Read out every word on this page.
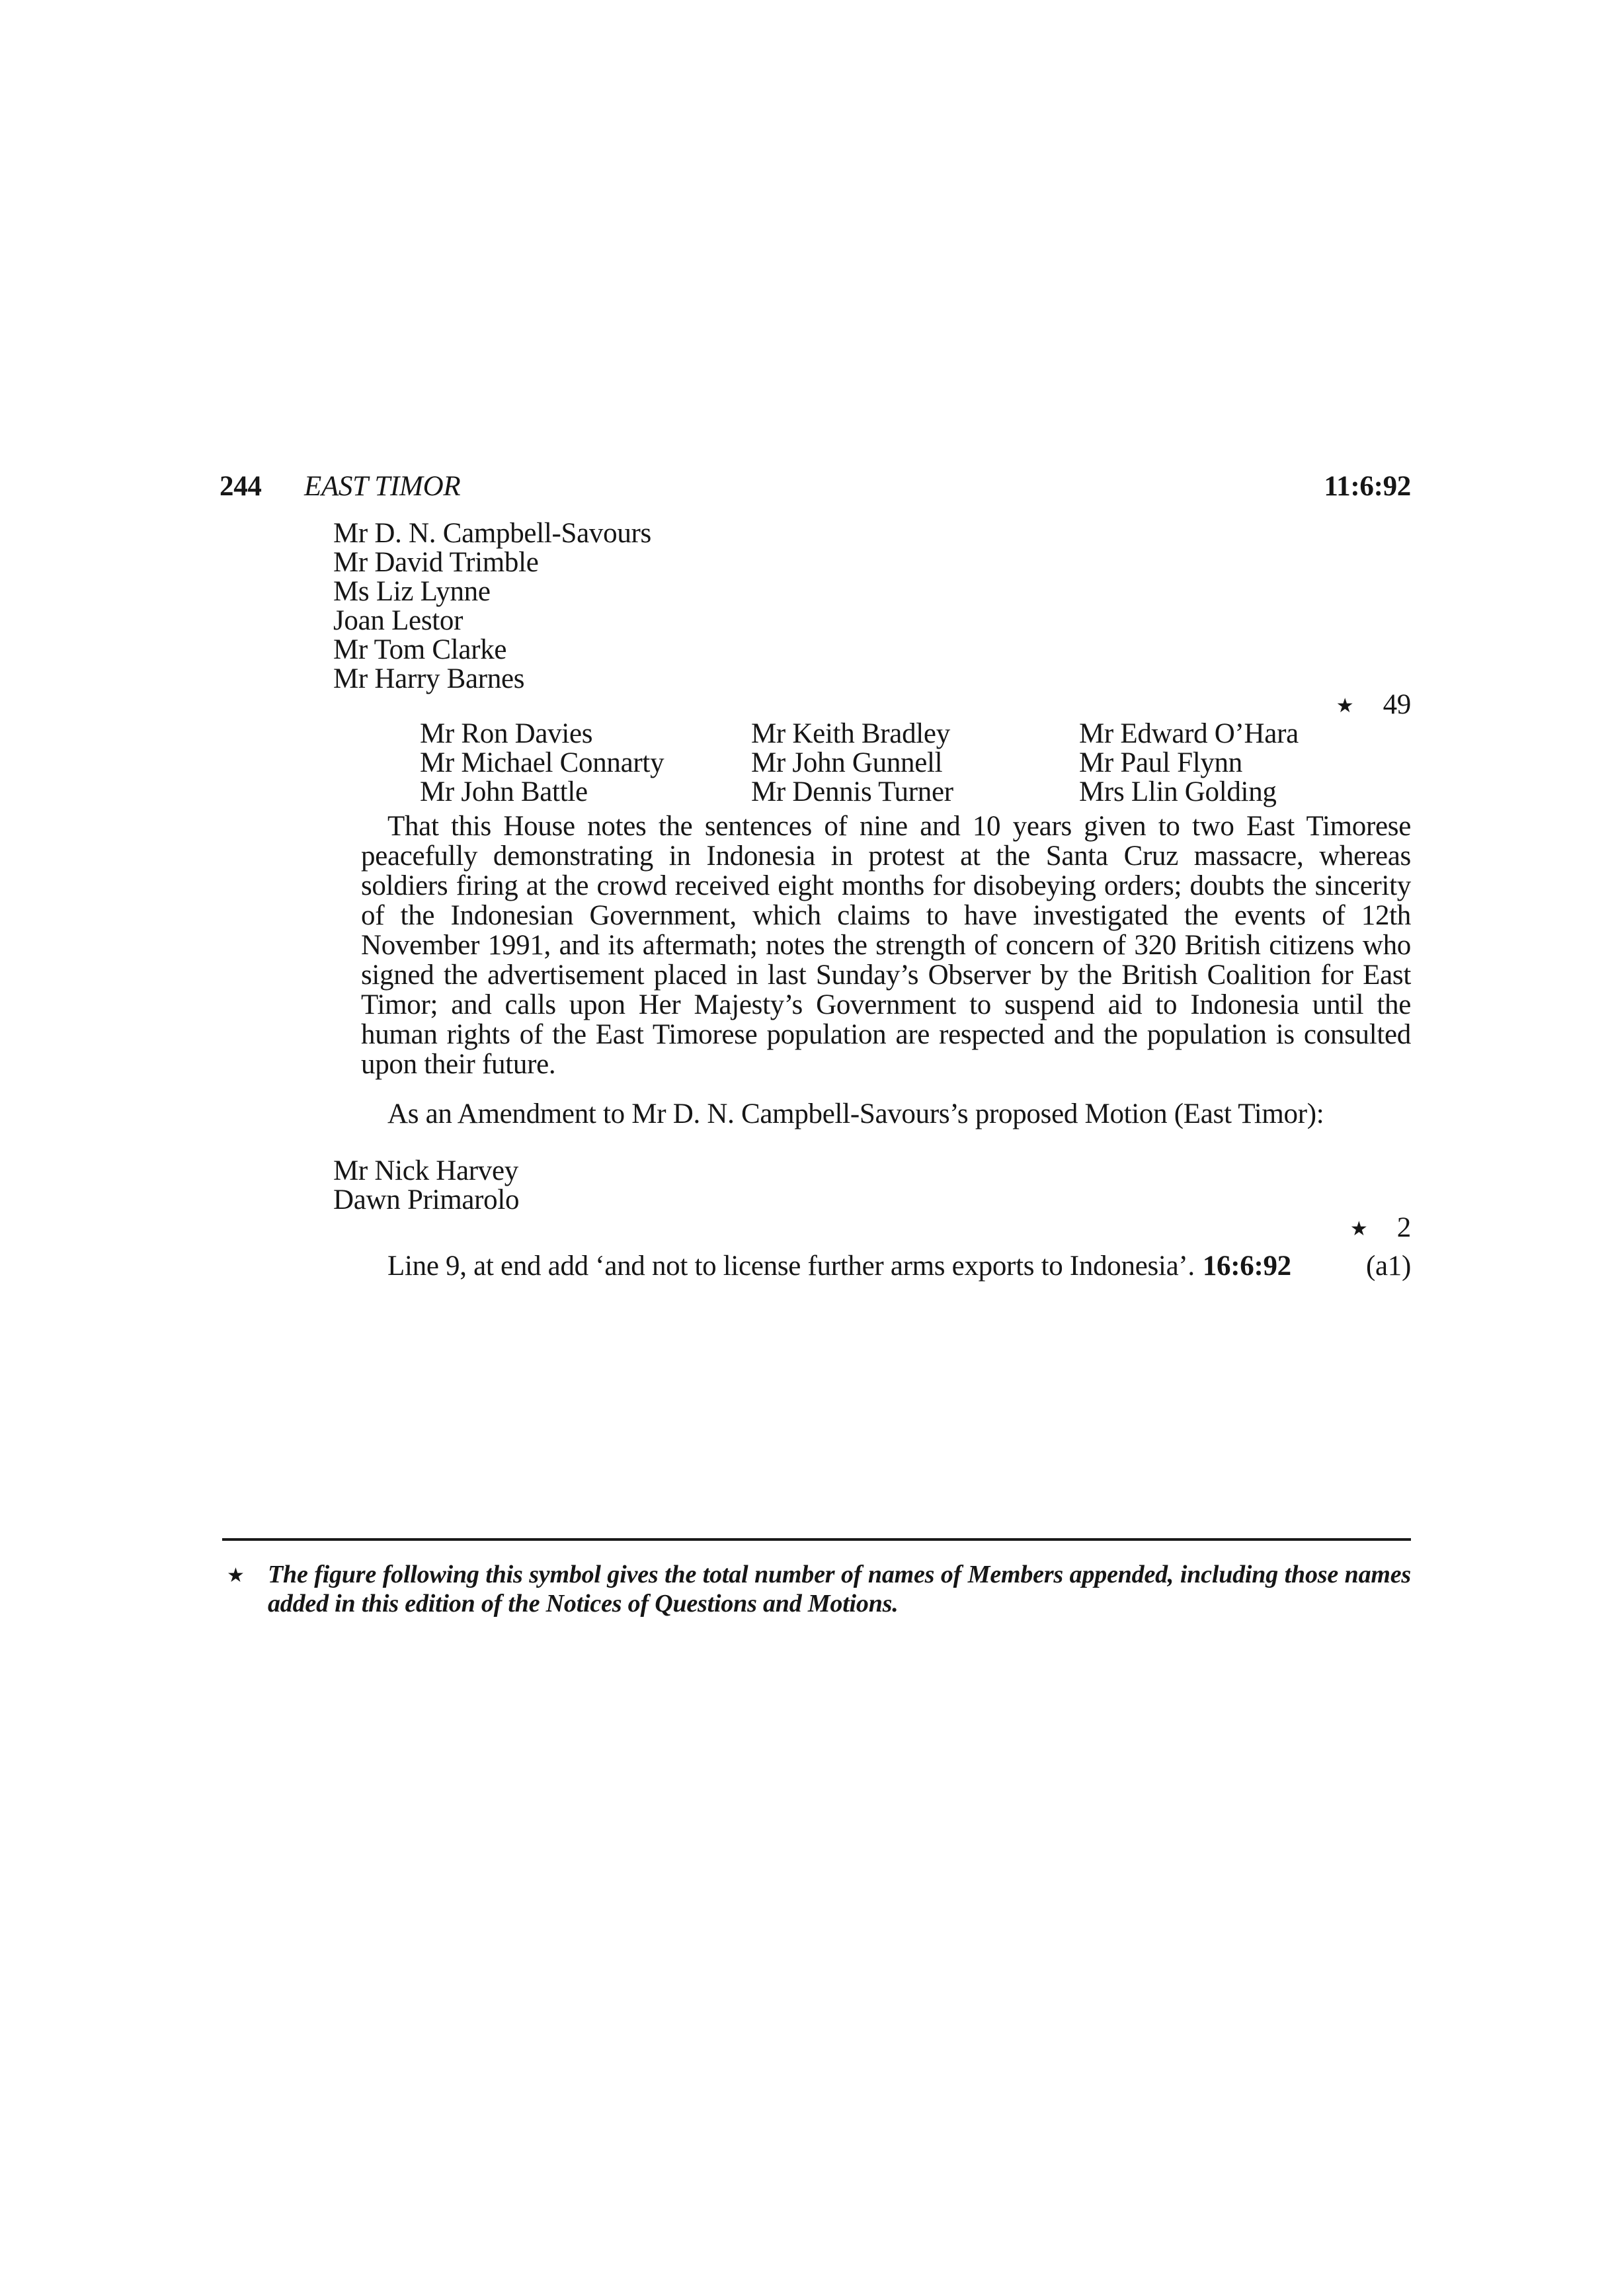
244 EAST TIMOR	11:6:92
Mr D. N. Campbell-Savours
Mr David Trimble
Ms Liz Lynne
Joan Lestor
Mr Tom Clarke
Mr Harry Barnes
★ 49
Mr Ron Davies	Mr Keith Bradley	Mr Edward O’Hara
Mr Michael Connarty	Mr John Gunnell	Mr Paul Flynn
Mr John Battle	Mr Dennis Turner	Mrs Llin Golding
That this House notes the sentences of nine and 10 years given to two East Timorese
peacefully demonstrating in Indonesia in protest at the Santa Cruz massacre, whereas
soldiers firing at the crowd received eight months for disobeying orders; doubts the sincerity
of the Indonesian Government, which claims to have investigated the events of 12th
November 1991, and its aftermath; notes the strength of concern of 320 British citizens who
signed the advertisement placed in last Sunday’s Observer by the British Coalition for East
Timor; and calls upon Her Majesty’s Government to suspend aid to Indonesia until the
human rights of the East Timorese population are respected and the population is consulted
upon their future.
As an Amendment to Mr D. N. Campbell-Savours’s proposed Motion (East Timor):
Mr Nick Harvey
Dawn Primarolo
★ 2
Line 9, at end add ‘and not to license further arms exports to Indonesia’. 16:6:92	(a1)
★ The figure following this symbol gives the total number of names of Members appended, including those names
added in this edition of the Notices of Questions and Motions.
